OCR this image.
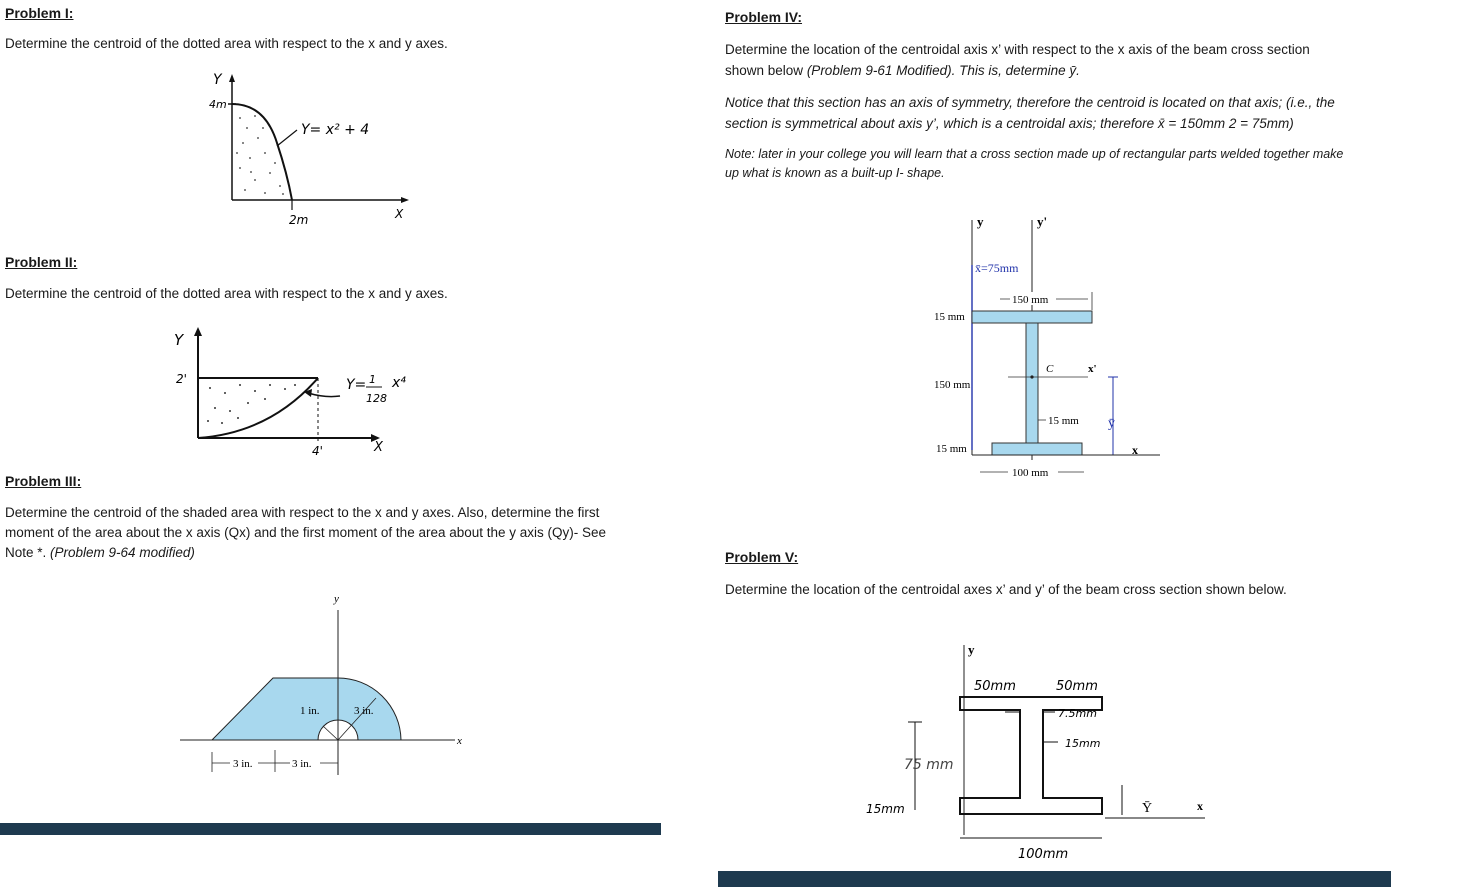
Problem I:
Determine the centroid of the dotted area with respect to the x and y axes.
Y
4m
Y= x² + 4
2m	X
Problem II:
Determine the centroid of the dotted area with respect to the x and y axes.
Y
2'	Y= 1
128
x⁴
4'	X
Problem III:
Determine the centroid of the shaded area with respect to the x and y axes. Also, determine the first
moment of the area about the x axis (Qx) and the first moment of the area about the y axis (Qy)- See
Note *. (Problem 9-64 modified)
x
y
1 in.	3 in.
3 in.	3 in.
Problem IV:
Determine the location of the centroidal axis x’ with respect to the x axis of the beam cross section
shown below (Problem 9-61 Modified). This is, determine ȳ.
Notice that this section has an axis of symmetry, therefore the centroid is located on that axis; (i.e., the
section is symmetrical about axis y’, which is a centroidal axis; therefore x̄ = 150mm 2 = 75mm)
Note: later in your college you will learn that a cross section made up of rectangular parts welded together make
up what is known as a built-up I- shape.
y	y'
x̄=75mm
150 mm
15 mm
150 mm
C	x'
15 mm
15 mm
ȳ
x
100 mm
Problem V:
Determine the location of the centroidal axes x’ and y’ of the beam cross section shown below.
y
50mm	50mm
7.5mm
15mm
75 mm
15mm	Ȳ	x
100mm
